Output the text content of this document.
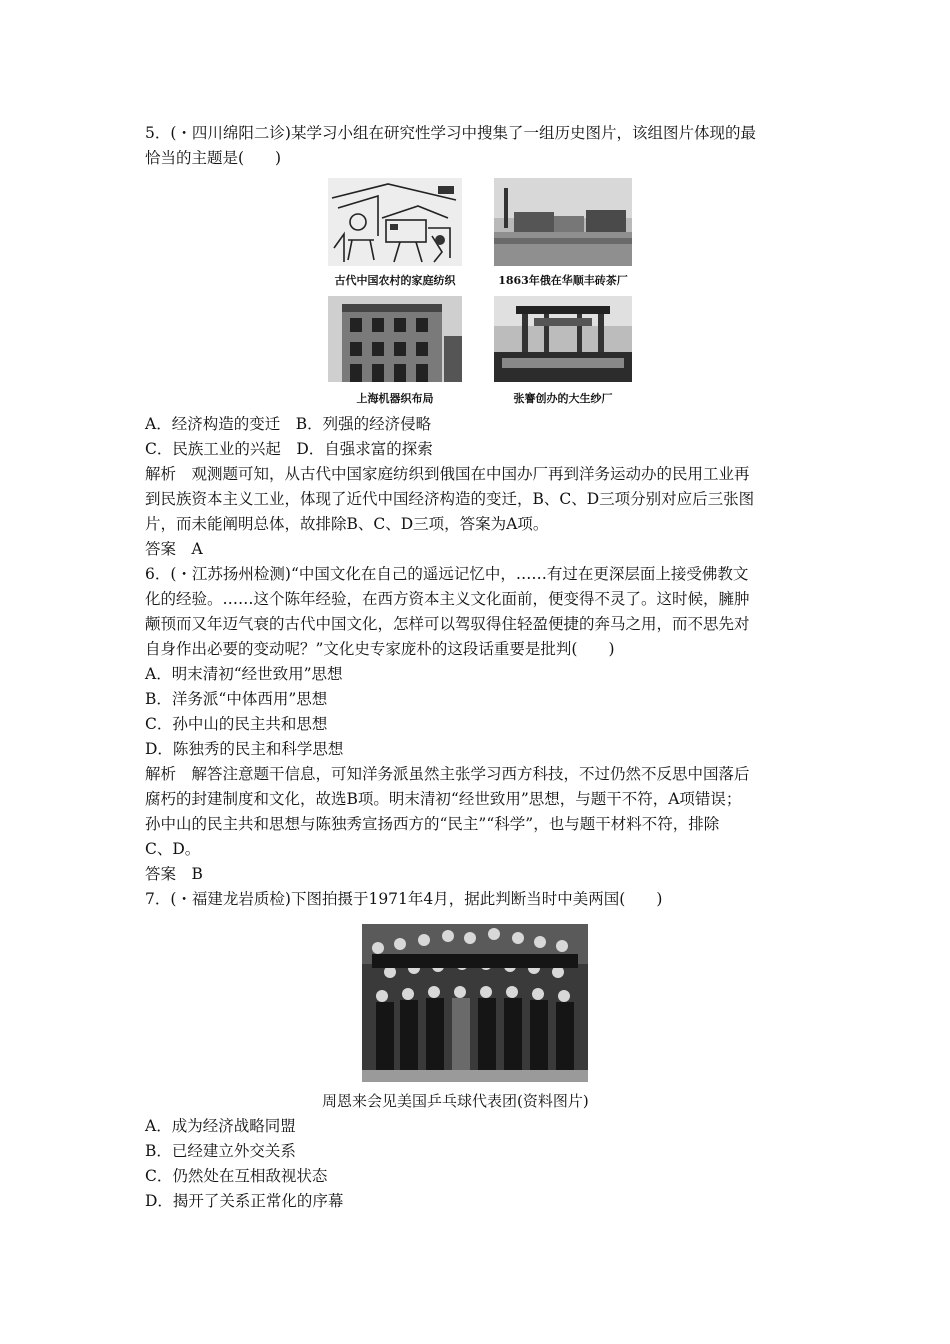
5．(・四川绵阳二诊)某学习小组在研究性学习中搜集了一组历史图片，该组图片体现的最
恰当的主题是(　　)
古代中国农村的家庭纺织	1863年俄在华顺丰砖茶厂
上海机器织布局	张謇创办的大生纱厂
A．经济构造的变迁　B．列强的经济侵略
C．民族工业的兴起　D．自强求富的探索
解析　观测题可知，从古代中国家庭纺织到俄国在中国办厂再到洋务运动办的民用工业再
到民族资本主义工业，体现了近代中国经济构造的变迁，B、C、D三项分别对应后三张图
片，而未能阐明总体，故排除B、C、D三项，答案为A项。
答案　A
6．(・江苏扬州检测)“中国文化在自己的遥远记忆中，……有过在更深层面上接受佛教文
化的经验。……这个陈年经验，在西方资本主义文化面前，便变得不灵了。这时候，臃肿
颟顸而又年迈气衰的古代中国文化，怎样可以驾驭得住轻盈便捷的奔马之用，而不思先对
自身作出必要的变动呢？”文化史专家庞朴的这段话重要是批判(　　)
A．明末清初“经世致用”思想
B．洋务派“中体西用”思想
C．孙中山的民主共和思想
D．陈独秀的民主和科学思想
解析　解答注意题干信息，可知洋务派虽然主张学习西方科技，不过仍然不反思中国落后
腐朽的封建制度和文化，故选B项。明末清初“经世致用”思想，与题干不符，A项错误；
孙中山的民主共和思想与陈独秀宣扬西方的“民主”“科学”，也与题干材料不符，排除
C、D。
答案　B
7．(・福建龙岩质检)下图拍摄于1971年4月，据此判断当时中美两国(　　)
周恩来会见美国乒乓球代表团(资料图片)
A．成为经济战略同盟
B．已经建立外交关系
C．仍然处在互相敌视状态
D．揭开了关系正常化的序幕
